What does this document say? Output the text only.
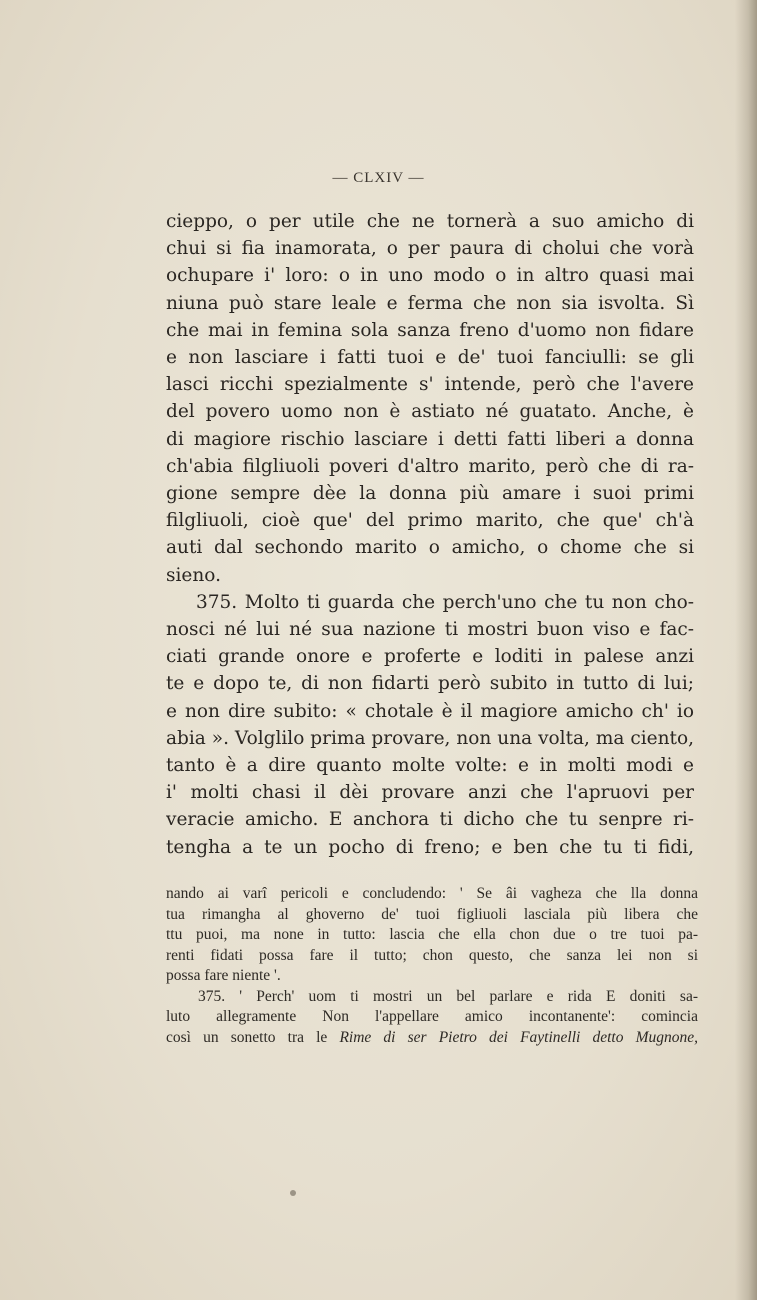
— CLXIV —
cieppo, o per utile che ne tornerà a suo amicho di
chui si fia inamorata, o per paura di cholui che vorà
ochupare i' loro: o in uno modo o in altro quasi mai
niuna può stare leale e ferma che non sia isvolta. Sì
che mai in femina sola sanza freno d'uomo non fidare
e non lasciare i fatti tuoi e de' tuoi fanciulli: se gli
lasci ricchi spezialmente s' intende, però che l'avere
del povero uomo non è astiato né guatato. Anche, è
di magiore rischio lasciare i detti fatti liberi a donna
ch'abia filgliuoli poveri d'altro marito, però che di ra-
gione sempre dèe la donna più amare i suoi primi
filgliuoli, cioè que' del primo marito, che que' ch'à
auti dal sechondo marito o amicho, o chome che si
sieno.
375. Molto ti guarda che perch'uno che tu non cho-
nosci né lui né sua nazione ti mostri buon viso e fac-
ciati grande onore e proferte e loditi in palese anzi
te e dopo te, di non fidarti però subito in tutto di lui;
e non dire subito: « chotale è il magiore amicho ch' io
abia ». Volglilo prima provare, non una volta, ma ciento,
tanto è a dire quanto molte volte: e in molti modi e
i' molti chasi il dèi provare anzi che l'apruovi per
veracie amicho. E anchora ti dicho che tu senpre ri-
tengha a te un pocho di freno; e ben che tu ti fidi,
nando ai varî pericoli e concludendo: ' Se âi vagheza che lla donna
tua rimangha al ghoverno de' tuoi figliuoli lasciala più libera che
ttu puoi, ma none in tutto: lascia che ella chon due o tre tuoi pa-
renti fidati possa fare il tutto; chon questo, che sanza lei non si
possa fare niente '.
375. ' Perch' uom ti mostri un bel parlare e rida E doniti sa-
luto allegramente Non l'appellare amico incontanente': comincia
così un sonetto tra le Rime di ser Pietro dei Faytinelli detto Mugnone,
